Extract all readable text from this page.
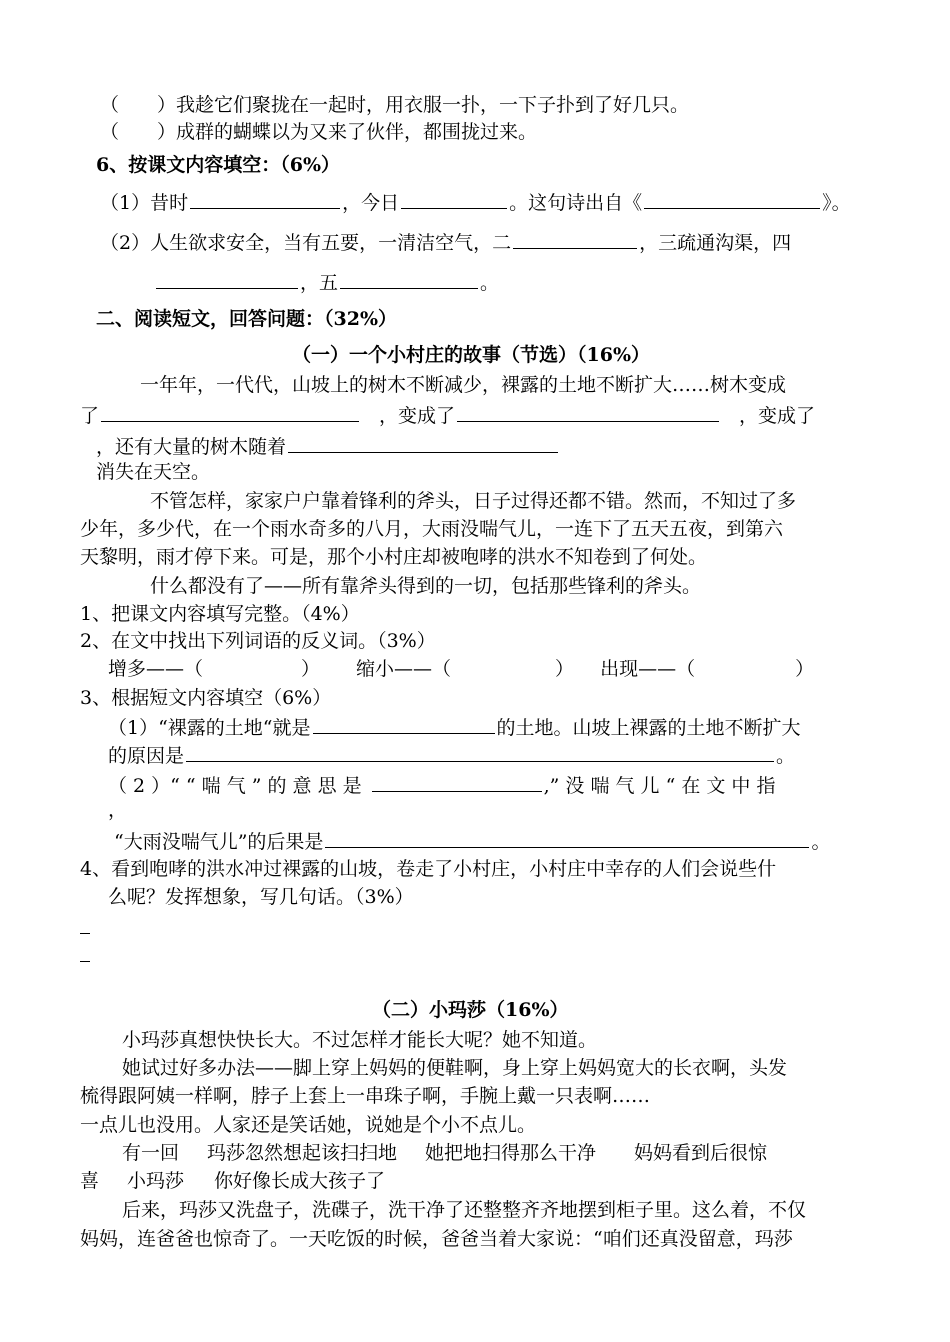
（　　）我趁它们聚拢在一起时，用衣服一扑，一下子扑到了好几只。
（　　）成群的蝴蝶以为又来了伙伴，都围拢过来。
6、按课文内容填空：（6%）
（1）昔时	，今日	。这句诗出自《	》。
（2）人生欲求安全，当有五要，一清洁空气，二	，三疏通沟渠，四
，五	。
二、阅读短文，回答问题：（32%）
（一）一个小村庄的故事（节选）（16%）
一年年，一代代，山坡上的树木不断减少，裸露的土地不断扩大……树木变成
了	，变成了	，变成了
，还有大量的树木随着
消失在天空。
不管怎样，家家户户靠着锋利的斧头，日子过得还都不错。然而，不知过了多
少年，多少代，在一个雨水奇多的八月，大雨没喘气儿，一连下了五天五夜，到第六
天黎明，雨才停下来。可是，那个小村庄却被咆哮的洪水不知卷到了何处。
什么都没有了——所有靠斧头得到的一切，包括那些锋利的斧头。
1、把课文内容填写完整。（4%）
2、在文中找出下列词语的反义词。（3%）
增多——（	） 缩小——（	） 出现——（	）
3、根据短文内容填空（6%）
（1）“裸露的土地“就是	的土地。山坡上裸露的土地不断扩大
的原因是	。
（ 2 ）“ “ 喘 气 ” 的 意 思 是	,” 没 喘 气 儿 “ 在 文 中 指
，
“大雨没喘气儿”的后果是	。
4、看到咆哮的洪水冲过裸露的山坡，卷走了小村庄，小村庄中幸存的人们会说些什
么呢？发挥想象，写几句话。（3%）
（二）小玛莎（16%）
小玛莎真想快快长大。不过怎样才能长大呢？她不知道。
她试过好多办法——脚上穿上妈妈的便鞋啊，身上穿上妈妈宽大的长衣啊，头发
梳得跟阿姨一样啊，脖子上套上一串珠子啊，手腕上戴一只表啊……
一点儿也没用。人家还是笑话她，说她是个小不点儿。
有一回 玛莎忽然想起该扫扫地 她把地扫得那么干净 妈妈看到后很惊
喜 小玛莎 你好像长成大孩子了
后来，玛莎又洗盘子，洗碟子，洗干净了还整整齐齐地摆到柜子里。这么着，不仅
妈妈，连爸爸也惊奇了。一天吃饭的时候，爸爸当着大家说：“咱们还真没留意，玛莎
